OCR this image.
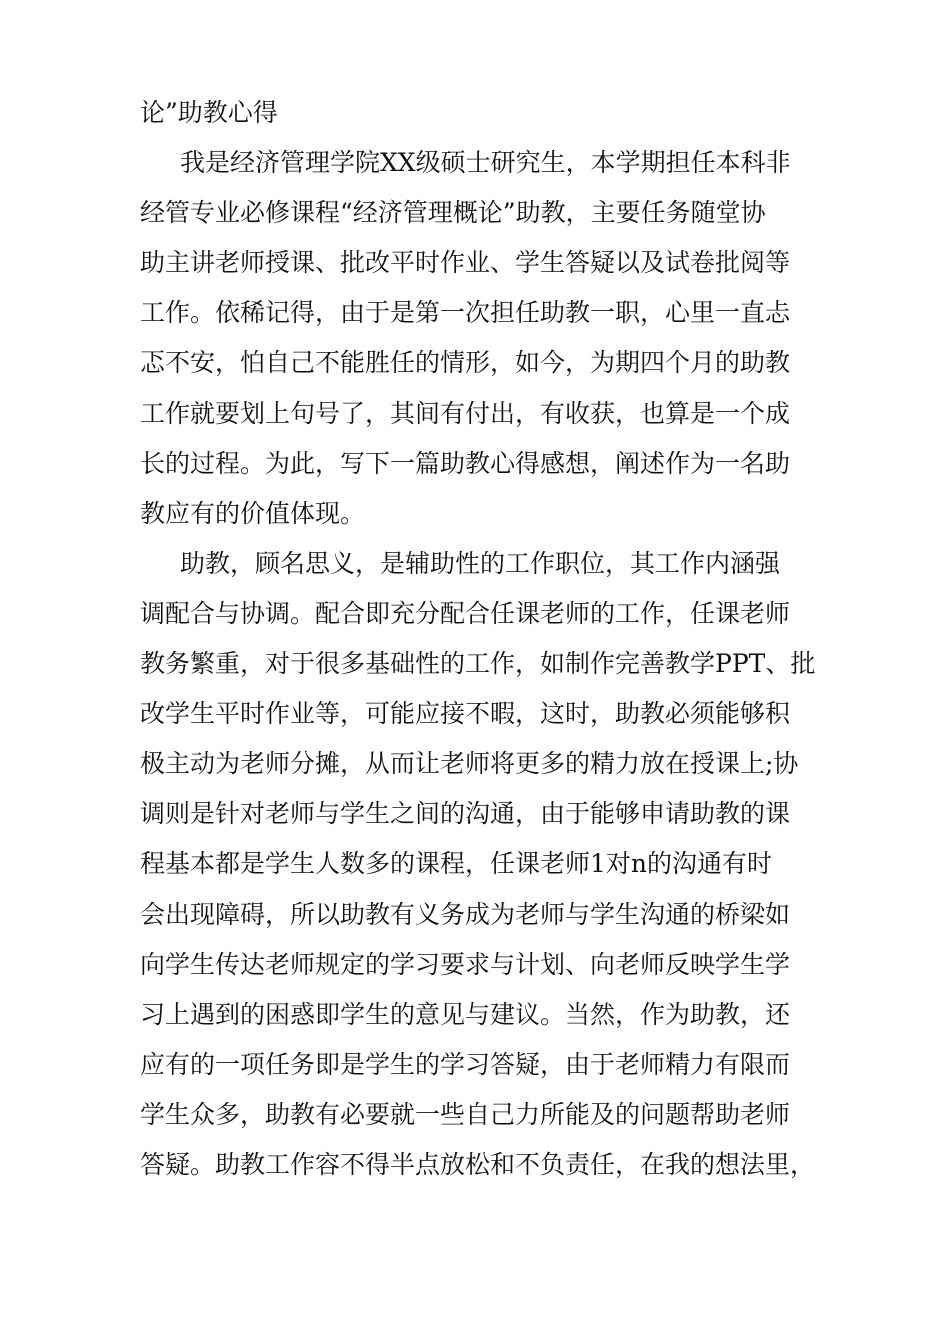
论”助教心得
我是经济管理学院XX级硕士研究生，本学期担任本科非
经管专业必修课程“经济管理概论”助教，主要任务随堂协
助主讲老师授课、批改平时作业、学生答疑以及试卷批阅等
工作。依稀记得，由于是第一次担任助教一职，心里一直忐
忑不安，怕自己不能胜任的情形，如今，为期四个月的助教
工作就要划上句号了，其间有付出，有收获，也算是一个成
长的过程。为此，写下一篇助教心得感想，阐述作为一名助
教应有的价值体现。
助教，顾名思义，是辅助性的工作职位，其工作内涵强
调配合与协调。配合即充分配合任课老师的工作，任课老师
教务繁重，对于很多基础性的工作，如制作完善教学PPT、批
改学生平时作业等，可能应接不暇，这时，助教必须能够积
极主动为老师分摊，从而让老师将更多的精力放在授课上;协
调则是针对老师与学生之间的沟通，由于能够申请助教的课
程基本都是学生人数多的课程，任课老师1对n的沟通有时
会出现障碍，所以助教有义务成为老师与学生沟通的桥梁如
向学生传达老师规定的学习要求与计划、向老师反映学生学
习上遇到的困惑即学生的意见与建议。当然，作为助教，还
应有的一项任务即是学生的学习答疑，由于老师精力有限而
学生众多，助教有必要就一些自己力所能及的问题帮助老师
答疑。助教工作容不得半点放松和不负责任，在我的想法里，
